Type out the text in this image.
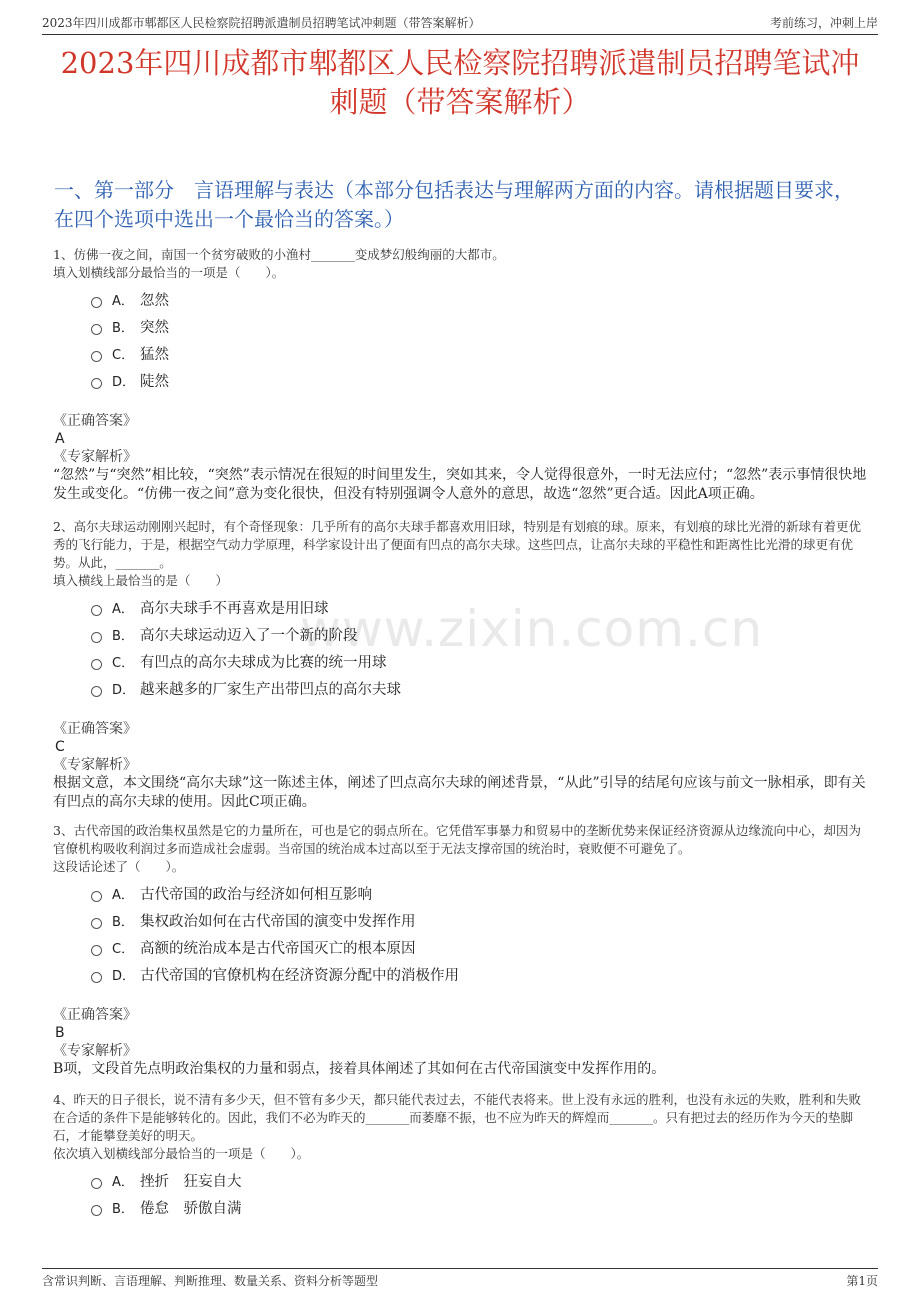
2023年四川成都市郫都区人民检察院招聘派遣制员招聘笔试冲刺题（带答案解析）	考前练习，冲刺上岸
2023年四川成都市郫都区人民检察院招聘派遣制员招聘笔试冲刺题（带答案解析）
一、第一部分　言语理解与表达（本部分包括表达与理解两方面的内容。请根据题目要求，在四个选项中选出一个最恰当的答案。）
www.zixin.com.cn

1、仿佛一夜之间，南国一个贫穷破败的小渔村_______变成梦幻般绚丽的大都市。

填入划横线部分最恰当的一项是（　　）。

A． 忽然
B． 突然
C． 猛然
D． 陡然

《正确答案》

A

《专家解析》

“忽然”与“突然”相比较，“突然”表示情况在很短的时间里发生，突如其来，令人觉得很意外，一时无法应付；“忽然”表示事情很快地发生或变化。“仿佛一夜之间”意为变化很快，但没有特别强调令人意外的意思，故选“忽然”更合适。因此A项正确。

2、高尔夫球运动刚刚兴起时，有个奇怪现象：几乎所有的高尔夫球手都喜欢用旧球，特别是有划痕的球。原来，有划痕的球比光滑的新球有着更优秀的飞行能力，于是，根据空气动力学原理，科学家设计出了便面有凹点的高尔夫球。这些凹点，让高尔夫球的平稳性和距离性比光滑的球更有优势。从此，_______。

填入横线上最恰当的是（　　）

A． 高尔夫球手不再喜欢是用旧球
B． 高尔夫球运动迈入了一个新的阶段
C． 有凹点的高尔夫球成为比赛的统一用球
D． 越来越多的厂家生产出带凹点的高尔夫球

《正确答案》

C

《专家解析》

根据文意，本文围绕“高尔夫球”这一陈述主体，阐述了凹点高尔夫球的阐述背景，“从此”引导的结尾句应该与前文一脉相承，即有关有凹点的高尔夫球的使用。因此C项正确。

3、古代帝国的政治集权虽然是它的力量所在，可也是它的弱点所在。它凭借军事暴力和贸易中的垄断优势来保证经济资源从边缘流向中心，却因为官僚机构吸收利润过多而造成社会虚弱。当帝国的统治成本过高以至于无法支撑帝国的统治时，衰败便不可避免了。

这段话论述了（　　）。

A． 古代帝国的政治与经济如何相互影响
B． 集权政治如何在古代帝国的演变中发挥作用
C． 高额的统治成本是古代帝国灭亡的根本原因
D． 古代帝国的官僚机构在经济资源分配中的消极作用

《正确答案》

B

《专家解析》

B项，文段首先点明政治集权的力量和弱点，接着具体阐述了其如何在古代帝国演变中发挥作用的。

4、昨天的日子很长，说不清有多少天，但不管有多少天，都只能代表过去，不能代表将来。世上没有永远的胜利，也没有永远的失败，胜利和失败在合适的条件下是能够转化的。因此，我们不必为昨天的_______而萎靡不振，也不应为昨天的辉煌而_______。只有把过去的经历作为今天的垫脚石，才能攀登美好的明天。

依次填入划横线部分最恰当的一项是（　　）。

A． 挫折　狂妄自大
B． 倦怠　骄傲自满
含常识判断、言语理解、判断推理、数量关系、资料分析等题型	第1页
